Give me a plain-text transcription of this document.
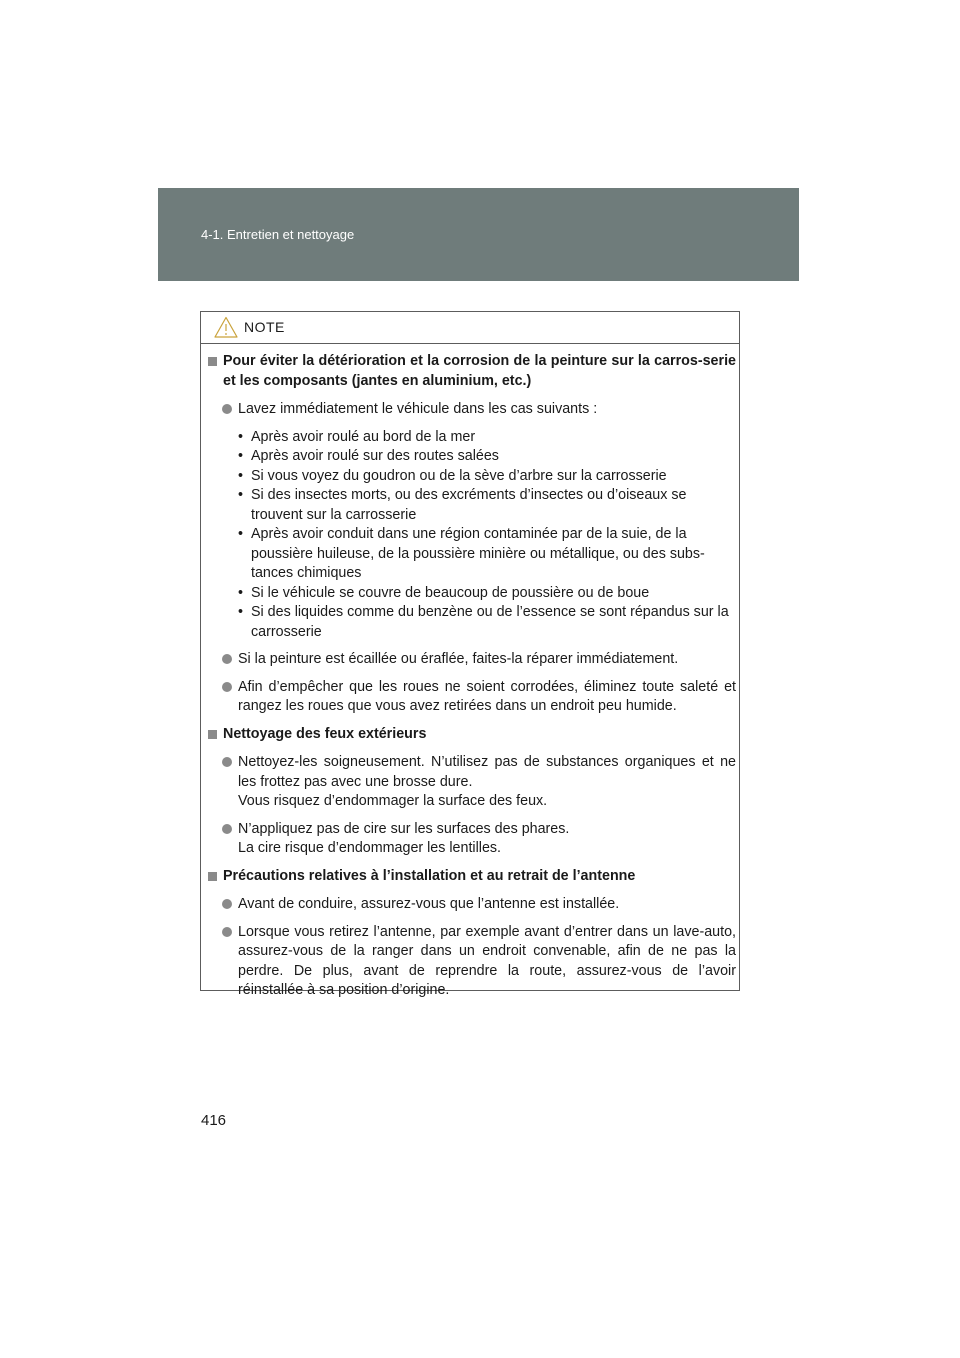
4-1. Entretien et nettoyage
NOTE
Pour éviter la détérioration et la corrosion de la peinture sur la carros-serie et les composants (jantes en aluminium, etc.)
Lavez immédiatement le véhicule dans les cas suivants :
• Après avoir roulé au bord de la mer
• Après avoir roulé sur des routes salées
• Si vous voyez du goudron ou de la sève d’arbre sur la carrosserie
• Si des insectes morts, ou des excréments d’insectes ou d’oiseaux se trouvent sur la carrosserie
• Après avoir conduit dans une région contaminée par de la suie, de la poussière huileuse, de la poussière minière ou métallique, ou des subs-tances chimiques
• Si le véhicule se couvre de beaucoup de poussière ou de boue
• Si des liquides comme du benzène ou de l’essence se sont répandus sur la carrosserie
Si la peinture est écaillée ou éraflée, faites-la réparer immédiatement.
Afin d’empêcher que les roues ne soient corrodées, éliminez toute saleté et rangez les roues que vous avez retirées dans un endroit peu humide.
Nettoyage des feux extérieurs
Nettoyez-les soigneusement. N’utilisez pas de substances organiques et ne les frottez pas avec une brosse dure.
Vous risquez d’endommager la surface des feux.
N’appliquez pas de cire sur les surfaces des phares.
La cire risque d’endommager les lentilles.
Précautions relatives à l’installation et au retrait de l’antenne
Avant de conduire, assurez-vous que l’antenne est installée.
Lorsque vous retirez l’antenne, par exemple avant d’entrer dans un lave-auto, assurez-vous de la ranger dans un endroit convenable, afin de ne pas la perdre. De plus, avant de reprendre la route, assurez-vous de l’avoir réinstallée à sa position d’origine.
416
